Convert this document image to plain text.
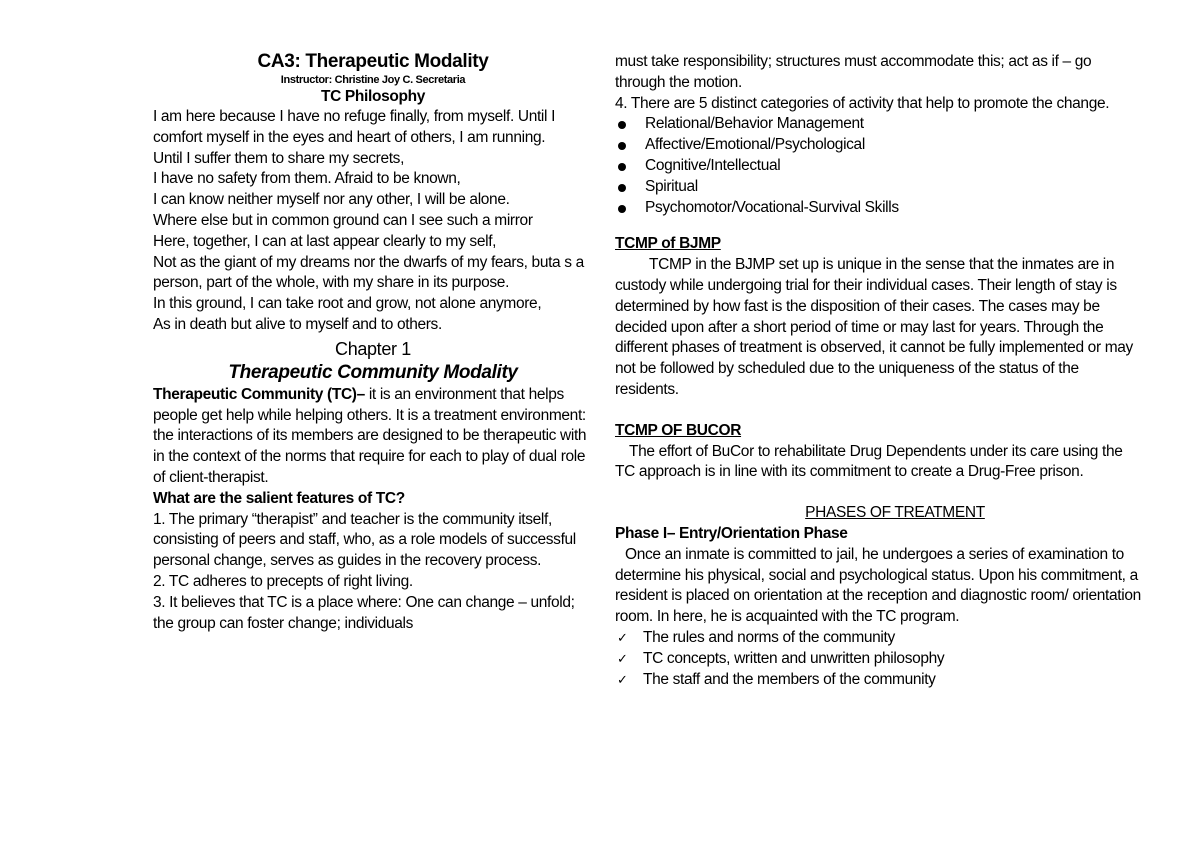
CA3: Therapeutic Modality
Instructor: Christine Joy C. Secretaria
TC Philosophy

I am here because I have no refuge finally, from myself. Until I comfort myself in the eyes and heart of others, I am running.

Until I suffer them to share my secrets,

I have no safety from them. Afraid to be known,

I can know neither myself nor any other, I will be alone.

Where else but in common ground can I see such a mirror

Here, together, I can at last appear clearly to my self,

Not as the giant of my dreams nor the dwarfs of my fears, buta s a person, part of the whole, with my share in its purpose.

In this ground, I can take root and grow, not alone anymore,

As in death but alive to myself and to others.

Chapter 1
Therapeutic Community Modality

Therapeutic Community (TC)– it is an environment that helps people get help while helping others. It is a treatment environment: the interactions of its members are designed to be therapeutic with in the context of the norms that require for each to play of dual role of client-therapist.

What are the salient features of TC?

1. The primary “therapist” and teacher is the community itself, consisting of peers and staff, who, as a role models of successful personal change, serves as guides in the recovery process.

2. TC adheres to precepts of right living.

3. It believes that TC is a place where: One can change – unfold; the group can foster change; individuals

must take responsibility; structures must accommodate this; act as if – go through the motion.

4. There are 5 distinct categories of activity that help to promote the change.

Relational/Behavior Management
Affective/Emotional/Psychological
Cognitive/Intellectual
Spiritual
Psychomotor/Vocational-Survival Skills

TCMP of BJMP

TCMP in the BJMP set up is unique in the sense that the inmates are in custody while undergoing trial for their individual cases. Their length of stay is determined by how fast is the disposition of their cases. The cases may be decided upon after a short period of time or may last for years. Through the different phases of treatment is observed, it cannot be fully implemented or may not be followed by scheduled due to the uniqueness of the status of the residents.

TCMP OF BUCOR

The effort of BuCor to rehabilitate Drug Dependents under its care using the TC approach is in line with its commitment to create a Drug-Free prison.

PHASES OF TREATMENT

Phase I– Entry/Orientation Phase

Once an inmate is committed to jail, he undergoes a series of examination to determine his physical, social and psychological status. Upon his commitment, a resident is placed on orientation at the reception and diagnostic room/ orientation room. In here, he is acquainted with the TC program.

✓ The rules and norms of the community
✓ TC concepts, written and unwritten philosophy
✓ The staff and the members of the community
